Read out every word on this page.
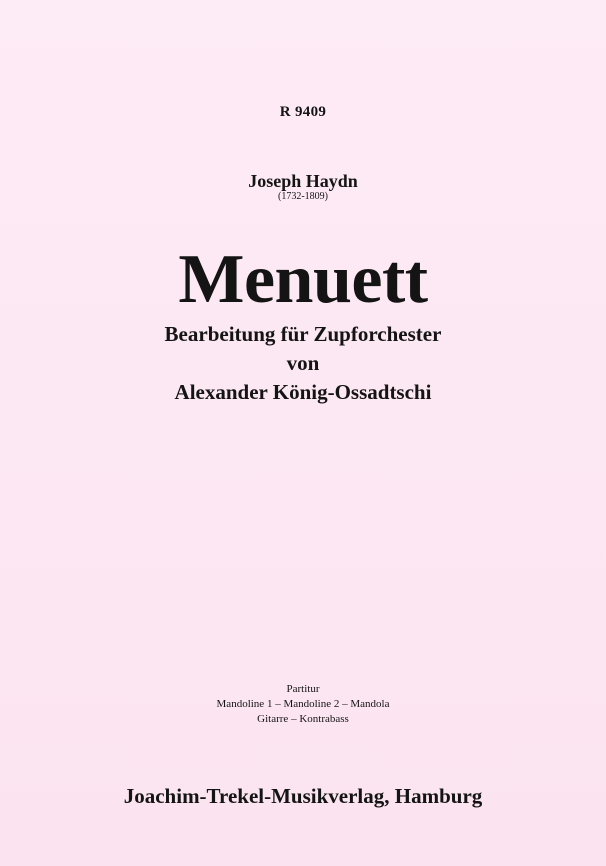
R 9409
Joseph Haydn
(1732-1809)
Menuett
Bearbeitung für Zupforchester
von
Alexander König-Ossadtschi
Partitur
Mandoline 1 – Mandoline 2 – Mandola
Gitarre – Kontrabass
Joachim-Trekel-Musikverlag, Hamburg
